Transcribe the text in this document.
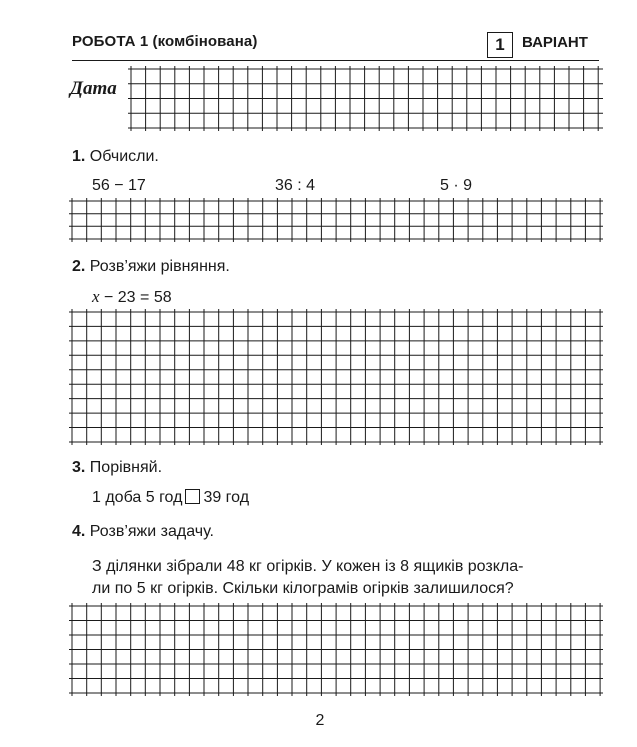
РОБОТА 1 (комбінована)	1	ВАРІАНТ
Дата
1. Обчисли.
56 − 17	36 : 4	5 · 9
2. Розв’яжи рівняння.
x − 23 = 58
3. Порівняй.
1 доба 5 год 39 год
4. Розв’яжи задачу.
З ділянки зібрали 48 кг огірків. У кожен із 8 ящиків розкла-
ли по 5 кг огірків. Скільки кілограмів огірків залишилося?
2
